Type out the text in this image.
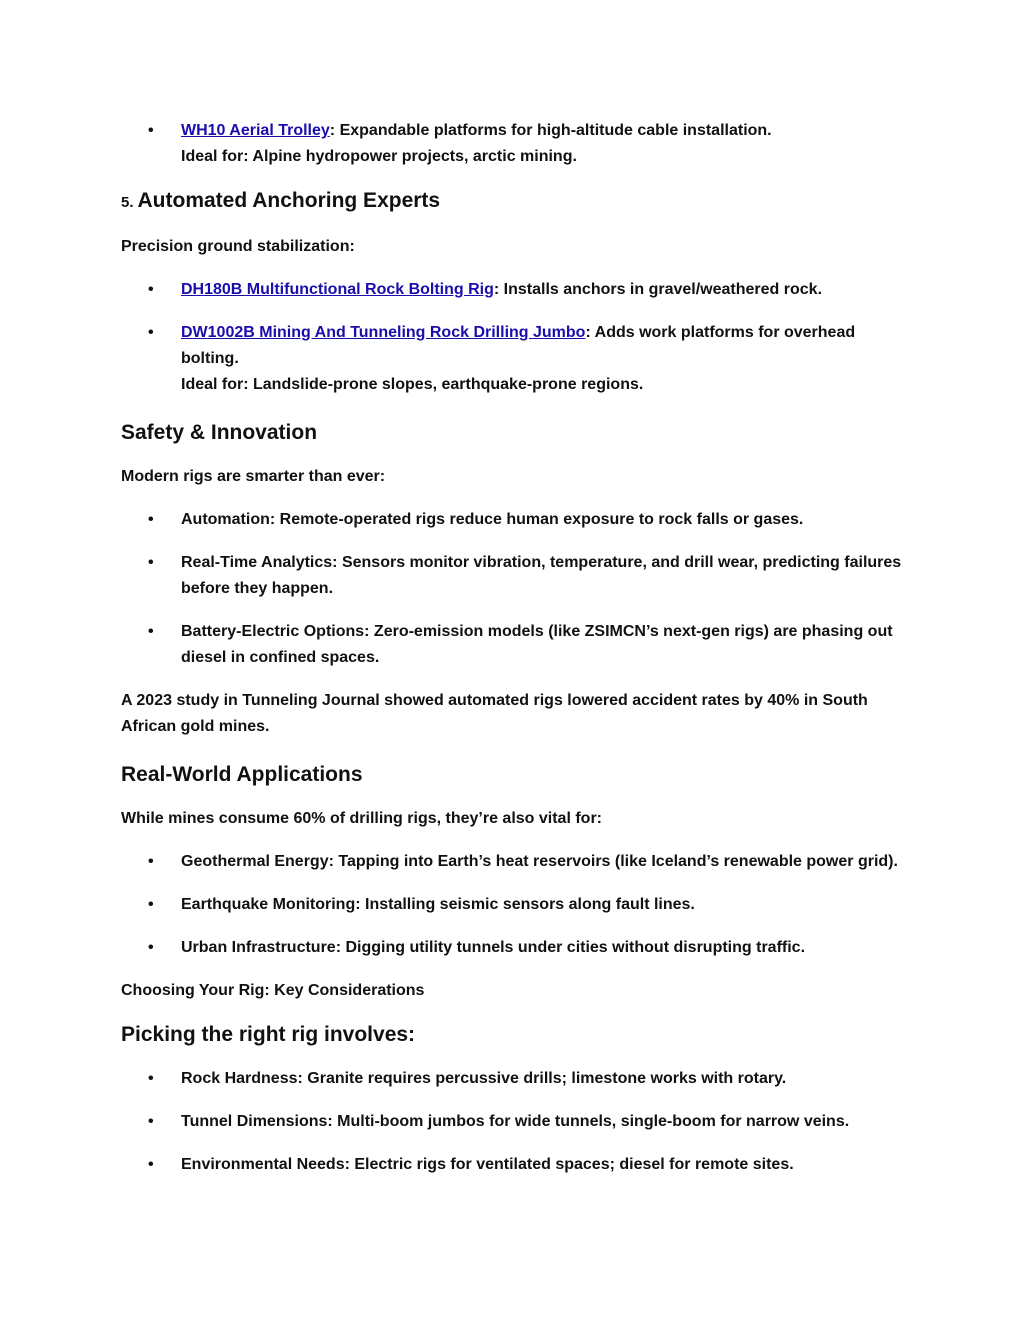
• WH10 Aerial Trolley: Expandable platforms for high-altitude cable installation.
Ideal for: Alpine hydropower projects, arctic mining.
5. Automated Anchoring Experts

Precision ground stabilization:

• DH180B Multifunctional Rock Bolting Rig: Installs anchors in gravel/weathered rock.
• DW1002B Mining And Tunneling Rock Drilling Jumbo: Adds work platforms for overhead bolting.
Ideal for: Landslide-prone slopes, earthquake-prone regions.
Safety & Innovation

Modern rigs are smarter than ever:

• Automation: Remote-operated rigs reduce human exposure to rock falls or gases.
• Real-Time Analytics: Sensors monitor vibration, temperature, and drill wear, predicting failures before they happen.
• Battery-Electric Options: Zero-emission models (like ZSIMCN’s next-gen rigs) are phasing out diesel in confined spaces.

A 2023 study in Tunneling Journal showed automated rigs lowered accident rates by 40% in South African gold mines.

Real-World Applications

While mines consume 60% of drilling rigs, they’re also vital for:

• Geothermal Energy: Tapping into Earth’s heat reservoirs (like Iceland’s renewable power grid).
• Earthquake Monitoring: Installing seismic sensors along fault lines.
• Urban Infrastructure: Digging utility tunnels under cities without disrupting traffic.

Choosing Your Rig: Key Considerations

Picking the right rig involves:
• Rock Hardness: Granite requires percussive drills; limestone works with rotary.
• Tunnel Dimensions: Multi-boom jumbos for wide tunnels, single-boom for narrow veins.
• Environmental Needs: Electric rigs for ventilated spaces; diesel for remote sites.
